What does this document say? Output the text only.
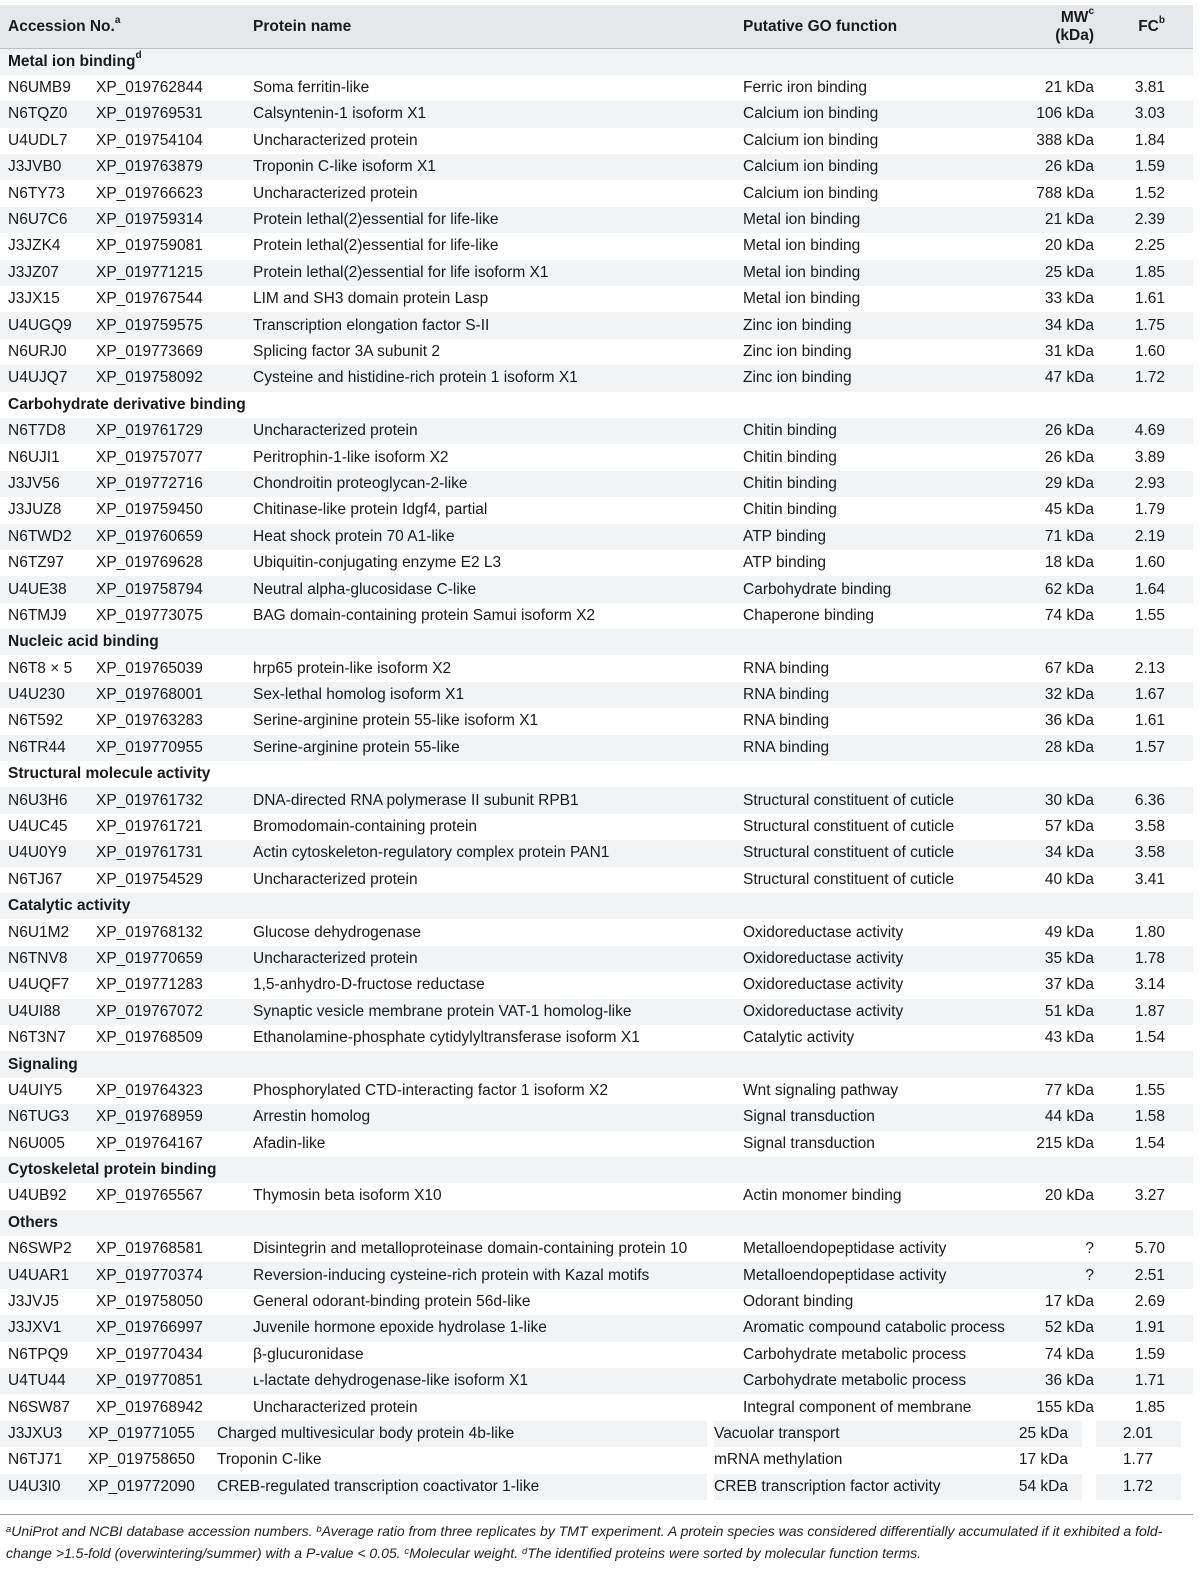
Accession No.$^a$	Protein name	Putative GO function	$MW^c$ (kDa)	$FC^b$
Metal ion binding$^d$
N6UMB9	XP_019762844	Soma ferritin-like	Ferric iron binding	21 kDa	3.81
N6TQZ0	XP_019769531	Calsyntenin-1 isoform X1	Calcium ion binding	106 kDa	3.03
U4UDL7	XP_019754104	Uncharacterized protein	Calcium ion binding	388 kDa	1.84
J3JVB0	XP_019763879	Troponin C-like isoform X1	Calcium ion binding	26 kDa	1.59
N6TY73	XP_019766623	Uncharacterized protein	Calcium ion binding	788 kDa	1.52
N6U7C6	XP_019759314	Protein lethal(2)essential for life-like	Metal ion binding	21 kDa	2.39
J3JZK4	XP_019759081	Protein lethal(2)essential for life-like	Metal ion binding	20 kDa	2.25
J3JZ07	XP_019771215	Protein lethal(2)essential for life isoform X1	Metal ion binding	25 kDa	1.85
J3JX15	XP_019767544	LIM and SH3 domain protein Lasp	Metal ion binding	33 kDa	1.61
U4UGQ9	XP_019759575	Transcription elongation factor S-II	Zinc ion binding	34 kDa	1.75
N6URJ0	XP_019773669	Splicing factor 3A subunit 2	Zinc ion binding	31 kDa	1.60
U4UJQ7	XP_019758092	Cysteine and histidine-rich protein 1 isoform X1	Zinc ion binding	47 kDa	1.72
Carbohydrate derivative binding
N6T7D8	XP_019761729	Uncharacterized protein	Chitin binding	26 kDa	4.69
N6UJI1	XP_019757077	Peritrophin-1-like isoform X2	Chitin binding	26 kDa	3.89
J3JV56	XP_019772716	Chondroitin proteoglycan-2-like	Chitin binding	29 kDa	2.93
J3JUZ8	XP_019759450	Chitinase-like protein Idgf4, partial	Chitin binding	45 kDa	1.79
N6TWD2	XP_019760659	Heat shock protein 70 A1-like	ATP binding	71 kDa	2.19
N6TZ97	XP_019769628	Ubiquitin-conjugating enzyme E2 L3	ATP binding	18 kDa	1.60
U4UE38	XP_019758794	Neutral alpha-glucosidase C-like	Carbohydrate binding	62 kDa	1.64
N6TMJ9	XP_019773075	BAG domain-containing protein Samui isoform X2	Chaperone binding	74 kDa	1.55
Nucleic acid binding
N6T8 × 5	XP_019765039	hrp65 protein-like isoform X2	RNA binding	67 kDa	2.13
U4U230	XP_019768001	Sex-lethal homolog isoform X1	RNA binding	32 kDa	1.67
N6T592	XP_019763283	Serine-arginine protein 55-like isoform X1	RNA binding	36 kDa	1.61
N6TR44	XP_019770955	Serine-arginine protein 55-like	RNA binding	28 kDa	1.57
Structural molecule activity
N6U3H6	XP_019761732	DNA-directed RNA polymerase II subunit RPB1	Structural constituent of cuticle	30 kDa	6.36
U4UC45	XP_019761721	Bromodomain-containing protein	Structural constituent of cuticle	57 kDa	3.58
U4U0Y9	XP_019761731	Actin cytoskeleton-regulatory complex protein PAN1	Structural constituent of cuticle	34 kDa	3.58
N6TJ67	XP_019754529	Uncharacterized protein	Structural constituent of cuticle	40 kDa	3.41
Catalytic activity
N6U1M2	XP_019768132	Glucose dehydrogenase	Oxidoreductase activity	49 kDa	1.80
N6TNV8	XP_019770659	Uncharacterized protein	Oxidoreductase activity	35 kDa	1.78
U4UQF7	XP_019771283	1,5-anhydro-D-fructose reductase	Oxidoreductase activity	37 kDa	3.14
U4UI88	XP_019767072	Synaptic vesicle membrane protein VAT-1 homolog-like	Oxidoreductase activity	51 kDa	1.87
N6T3N7	XP_019768509	Ethanolamine-phosphate cytidylyltransferase isoform X1	Catalytic activity	43 kDa	1.54
Signaling
U4UIY5	XP_019764323	Phosphorylated CTD-interacting factor 1 isoform X2	Wnt signaling pathway	77 kDa	1.55
N6TUG3	XP_019768959	Arrestin homolog	Signal transduction	44 kDa	1.58
N6U005	XP_019764167	Afadin-like	Signal transduction	215 kDa	1.54
Cytoskeletal protein binding
U4UB92	XP_019765567	Thymosin beta isoform X10	Actin monomer binding	20 kDa	3.27
Others
N6SWP2	XP_019768581	Disintegrin and metalloproteinase domain-containing protein 10	Metalloendopeptidase activity	?	5.70
U4UAR1	XP_019770374	Reversion-inducing cysteine-rich protein with Kazal motifs	Metalloendopeptidase activity	?	2.51
J3JVJ5	XP_019758050	General odorant-binding protein 56d-like	Odorant binding	17 kDa	2.69
J3JXV1	XP_019766997	Juvenile hormone epoxide hydrolase 1-like	Aromatic compound catabolic process	52 kDa	1.91
N6TPQ9	XP_019770434	β-glucuronidase	Carbohydrate metabolic process	74 kDa	1.59
U4TU44	XP_019770851	ʟ-lactate dehydrogenase-like isoform X1	Carbohydrate metabolic process	36 kDa	1.71
N6SW87	XP_019768942	Uncharacterized protein	Integral component of membrane	155 kDa	1.85
J3JXU3	XP_019771055	Charged multivesicular body protein 4b-like	Vacuolar transport	25 kDa	2.01
N6TJ71	XP_019758650	Troponin C-like	mRNA methylation	17 kDa	1.77
U4U3I0	XP_019772090	CREB-regulated transcription coactivator 1-like	CREB transcription factor activity	54 kDa	1.72
$^a$UniProt and NCBI database accession numbers. $^b$Average ratio from three replicates by TMT experiment. A protein species was considered differentially accumulated if it exhibited a fold-change >1.5-fold (overwintering/summer) with a P-value < 0.05. $^c$Molecular weight. $^d$The identified proteins were sorted by molecular function terms.
